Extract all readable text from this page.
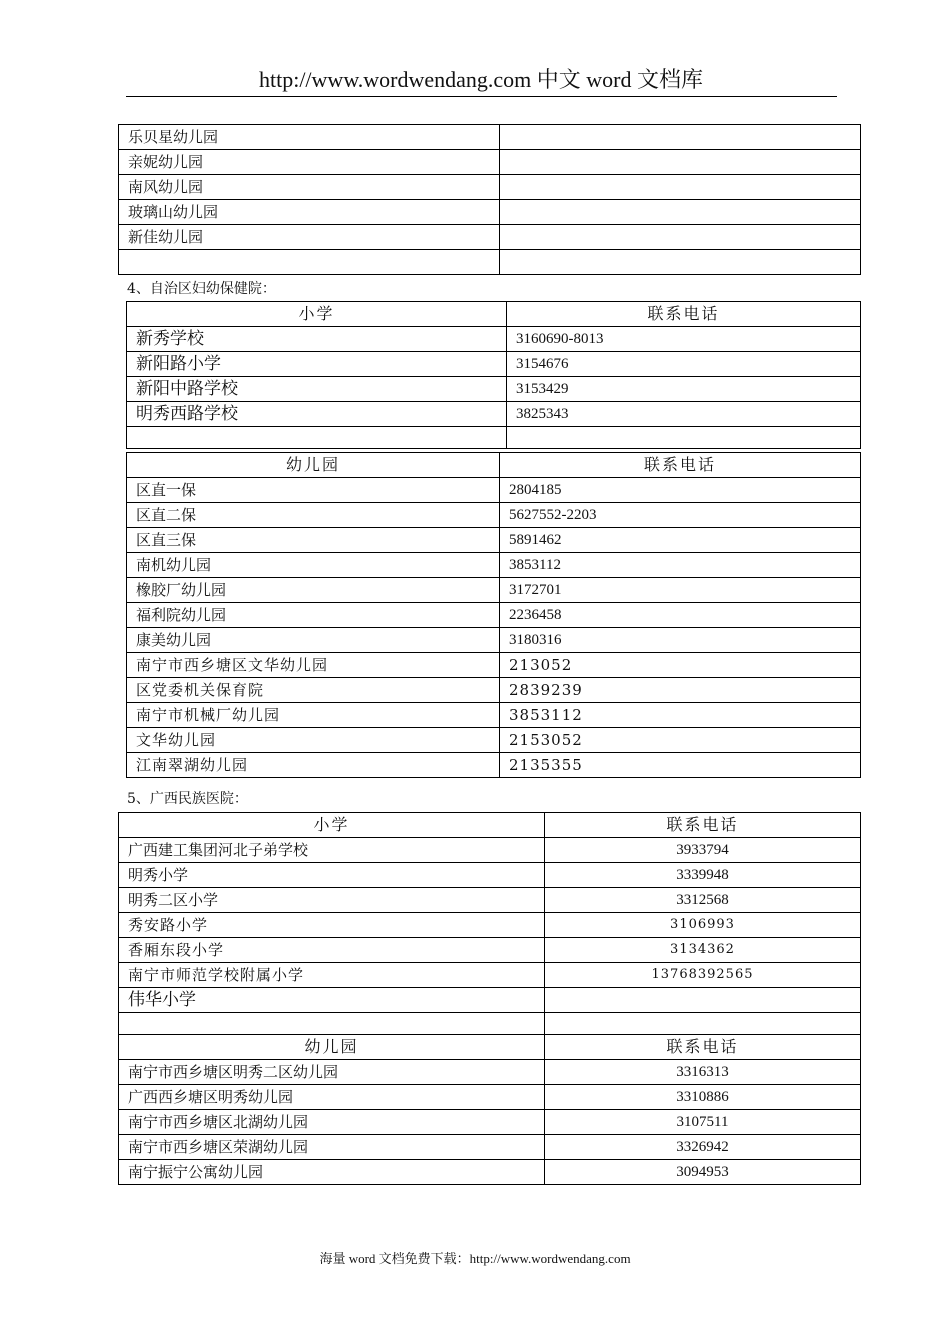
http://www.wordwendang.com 中文 word 文档库
乐贝星幼儿园	
亲妮幼儿园	
南风幼儿园	
玻璃山幼儿园	
新佳幼儿园	

4、自治区妇幼保健院：
小学	联系电话
新秀学校	3160690-8013
新阳路小学	3154676
新阳中路学校	3153429
明秀西路学校	3825343

幼儿园	联系电话
区直一保	2804185
区直二保	5627552-2203
区直三保	5891462
南机幼儿园	3853112
橡胶厂幼儿园	3172701
福利院幼儿园	2236458
康美幼儿园	3180316
南宁市西乡塘区文华幼儿园	213052
区党委机关保育院	2839239
南宁市机械厂幼儿园	3853112
文华幼儿园	2153052
江南翠湖幼儿园	2135355
5、广西民族医院：
小学	联系电话
广西建工集团河北子弟学校	3933794
明秀小学	3339948
明秀二区小学	3312568
秀安路小学	3106993
香厢东段小学	3134362
南宁市师范学校附属小学	13768392565
伟华小学	

幼儿园	联系电话
南宁市西乡塘区明秀二区幼儿园	3316313
广西西乡塘区明秀幼儿园	3310886
南宁市西乡塘区北湖幼儿园	3107511
南宁市西乡塘区荣湖幼儿园	3326942
南宁振宁公寓幼儿园	3094953
海量 word 文档免费下载：http://www.wordwendang.com
